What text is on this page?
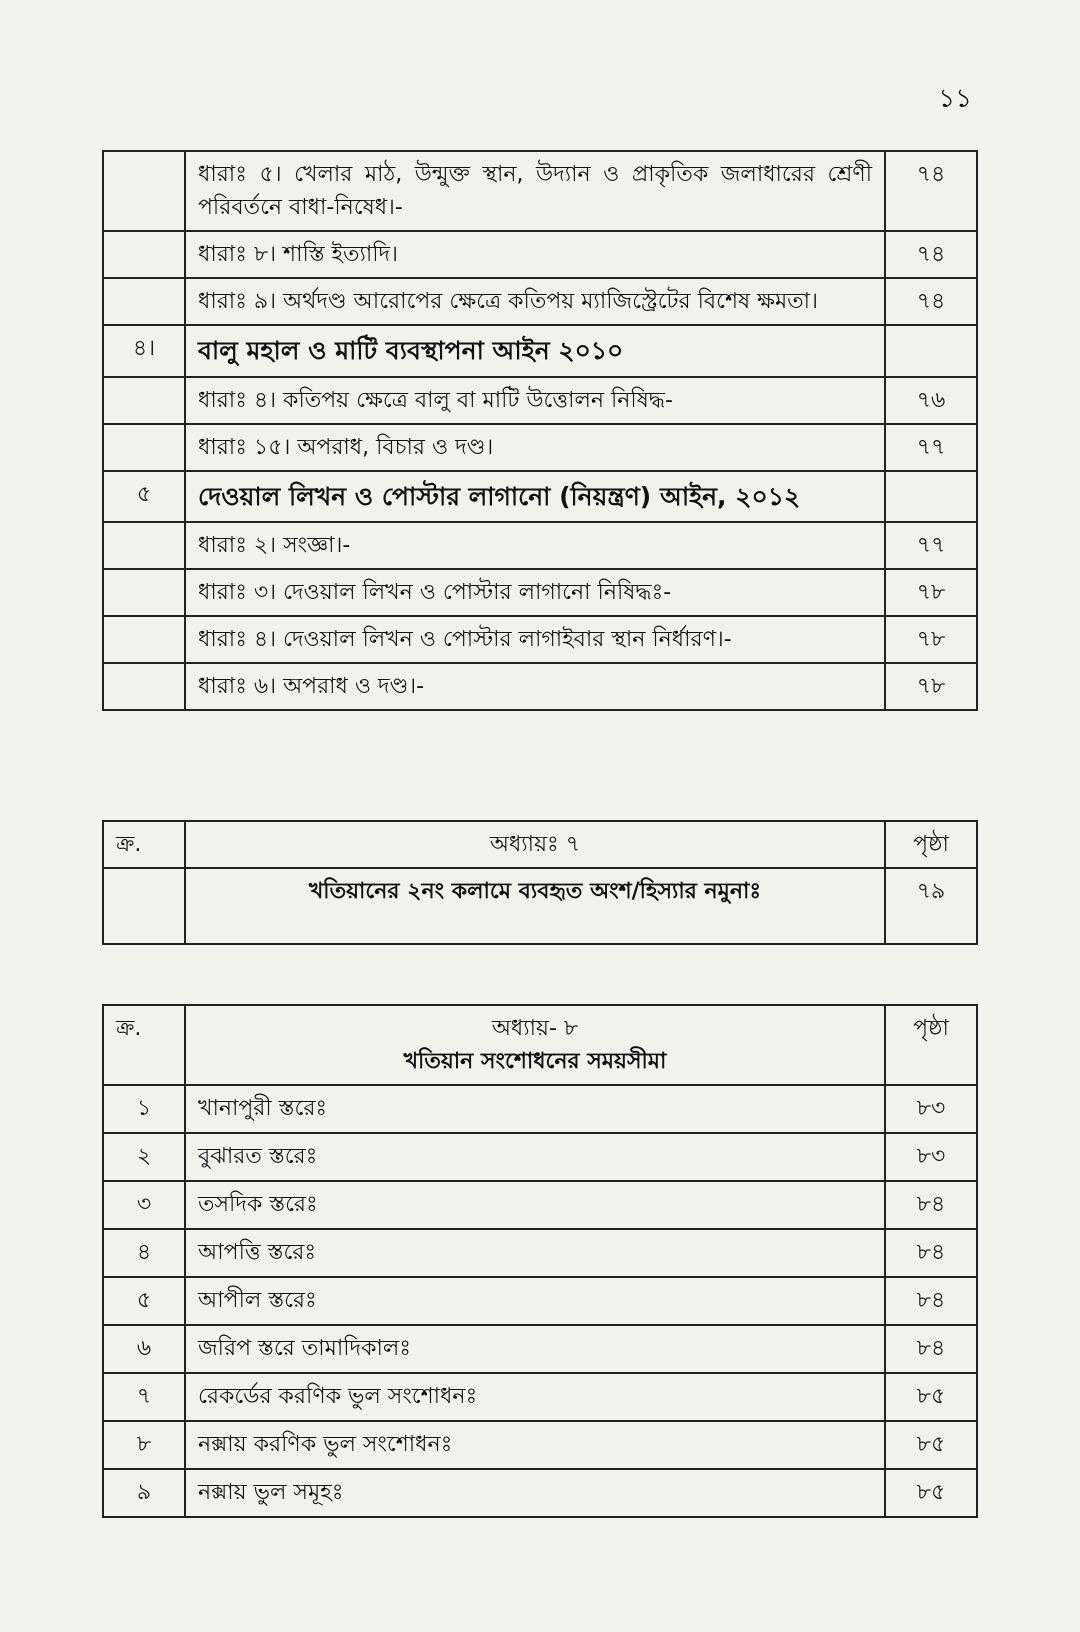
১১
	ধারাঃ ৫। খেলার মাঠ, উন্মুক্ত স্থান, উদ্যান ও প্রাকৃতিক জলাধারের শ্রেণী পরিবর্তনে বাধা-নিষেধ।-	৭৪
	ধারাঃ ৮। শাস্তি ইত্যাদি।	৭৪
	ধারাঃ ৯। অর্থদণ্ড আরোপের ক্ষেত্রে কতিপয় ম্যাজিস্ট্রেটের বিশেষ ক্ষমতা।	৭৪
৪।	বালু মহাল ও মাটি ব্যবস্থাপনা আইন ২০১০	
	ধারাঃ ৪। কতিপয় ক্ষেত্রে বালু বা মাটি উত্তোলন নিষিদ্ধ-	৭৬
	ধারাঃ ১৫। অপরাধ, বিচার ও দণ্ড।	৭৭
৫	দেওয়াল লিখন ও পোস্টার লাগানো (নিয়ন্ত্রণ) আইন, ২০১২	
	ধারাঃ ২। সংজ্ঞা।-	৭৭
	ধারাঃ ৩। দেওয়াল লিখন ও পোস্টার লাগানো নিষিদ্ধঃ-	৭৮
	ধারাঃ ৪। দেওয়াল লিখন ও পোস্টার লাগাইবার স্থান নির্ধারণ।-	৭৮
	ধারাঃ ৬। অপরাধ ও দণ্ড।-	৭৮
ক্র.	অধ্যায়ঃ ৭	পৃষ্ঠা

	খতিয়ানের ২নং কলামে ব্যবহৃত অংশ/হিস্যার নমুনাঃ	৭৯
ক্র.	অধ্যায়- ৮
খতিয়ান সংশোধনের সময়সীমা	পৃষ্ঠা
১	খানাপুরী স্তরেঃ	৮৩
২	বুঝারত স্তরেঃ	৮৩
৩	তসদিক স্তরেঃ	৮৪
৪	আপত্তি স্তরেঃ	৮৪
৫	আপীল স্তরেঃ	৮৪
৬	জরিপ স্তরে তামাদিকালঃ	৮৪
৭	রেকর্ডের করণিক ভুল সংশোধনঃ	৮৫
৮	নক্সায় করণিক ভুল সংশোধনঃ	৮৫
৯	নক্সায় ভুল সমূহঃ	৮৫
